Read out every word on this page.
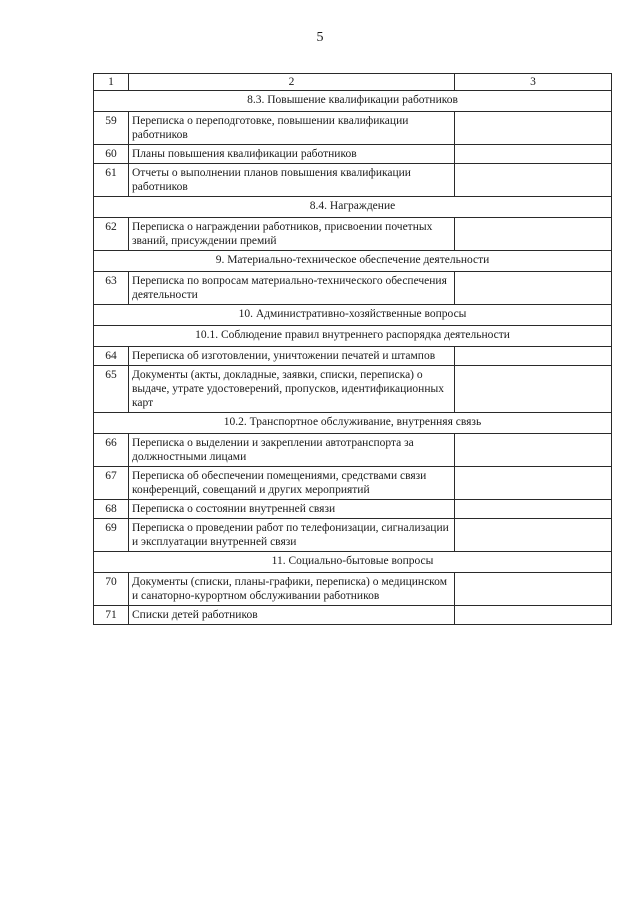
5
1	2	3
8.3. Повышение квалификации работников		
59	Переписка о переподготовке, повышении квалификации работников	
60	Планы повышения квалификации работников	
61	Отчеты о выполнении планов повышения квалификации работников	
8.4. Награждение		
62	Переписка о награждении работников, присвоении почетных званий, присуждении премий	
9. Материально-техническое обеспечение деятельности		
63	Переписка по вопросам материально-технического обеспечения деятельности	
10. Административно-хозяйственные вопросы		
10.1. Соблюдение правил внутреннего распорядка деятельности		
64	Переписка об изготовлении, уничтожении печатей и штампов	
65	Документы (акты, докладные, заявки, списки, переписка) о выдаче, утрате удостоверений, пропусков, идентификационных карт	
10.2. Транспортное обслуживание, внутренняя связь		
66	Переписка о выделении и закреплении автотранспорта за должностными лицами	
67	Переписка об обеспечении помещениями, средствами связи конференций, совещаний и других мероприятий	
68	Переписка о состоянии внутренней связи	
69	Переписка о проведении работ по телефонизации, сигнализации и эксплуатации внутренней связи	
11. Социально-бытовые вопросы		
70	Документы (списки, планы-графики, переписка) о медицинском и санаторно-курортном обслуживании работников	
71	Списки детей работников	
